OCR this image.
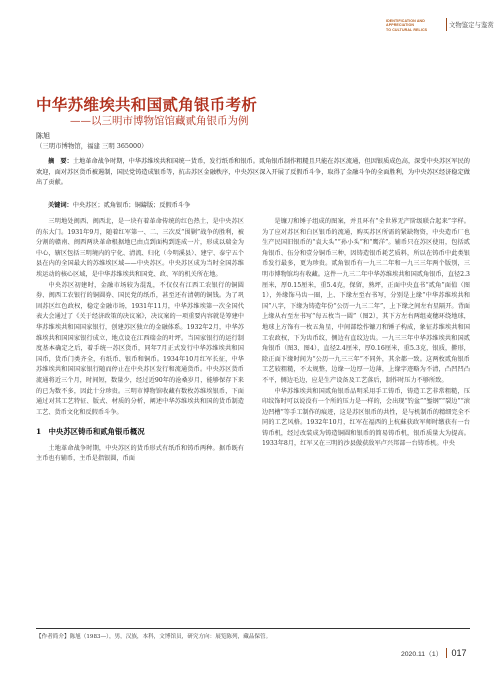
IDENTIFICATION AND APPRECIATION
TO CULTURAL RELICS
文物鉴定与鉴赏
中华苏维埃共和国贰角银币考析
——以三明市博物馆馆藏贰角银币为例
陈旭
（三明市博物馆，福建 三明 365000）
摘　要：土地革命战争时期，中华苏维埃共和国统一货币，发行纸币和银币。贰角银币制作粗糙且只能在苏区流通，但因银质成色高，深受中央苏区军民的欢迎，面对苏区货币被遏制，国民党铸造成银币等，抗击苏区金融秩序，中央苏区深入开展了反假币斗争，取得了金融斗争的全面胜利，为中央苏区经济稳定做出了贡献。
关键词：中央苏区；贰角银币；铜鑄版；反假币斗争

三明地处闽西、闽西北，是一块有着革命传统的红色热土，是中央苏区的东大门。1931年9月，随着红军第一、二、三次反“围剿”战争的胜利，被分割的赣南、闽西两块革命根据地已由点到面构到连成一片，形成以瑞金为中心，辖区包括三明境内的宁化、清流、归化（今明溪县）、建宁、泰宁五个县在内的全国最大的苏维埃区域——中央苏区。中央苏区成为当时全国苏维埃运动的核心区域，是中华苏维埃共和国党、政、军的机关所在地。

中央苏区初建时，金融市场较为混乱，不仅仅有江西工农银行的铜圆券、闽西工农银行的铜圆券、国民党的纸币，甚至还有清朝的铜钱。为了巩固苏区红色政权，稳定金融市场，1931年11月，中华苏维埃第一次全国代表大会通过了《关于经济政策的决议案》，决议案的一项重要内容就是筹建中华苏维埃共和国国家银行，创建苏区独立的金融体系。1932年2月，中华苏维埃共和国国家银行成立，地点设在江西瑞金的叶坪。当国家银行的运行制度基本确定之后，着手统一苏区货币，同年7月正式发行中华苏维埃共和国国币，货币门类齐全，有纸币、银币和铜币。1934年10月红军长征，中华苏维埃共和国国家银行随而停止在中央苏区发行和流通货币。中央苏区货币流通将近三个月，时间短，数量少，经过近90年的沧桑岁月，能够保存下来的已为数不多，因此十分珍贵。三明市博物馆收藏有数枚苏维埃银币，下面通过对其工艺特征、版式、材质的分析，阐述中华苏维埃共和国的货币制造工艺、货币文化和反假币斗争。

1　中央苏区铸币和贰角银币概况

土地革命战争时期，中央苏区的货币形式有纸币和铸币两种。据币既有主币也有辅币，主币是指银圆，币面

是镰刀和锤子组成的图案，并且环有“全世界无产阶级联合起来”字样。为了应对苏区和白区银币的流通，购买苏区所需的紧缺物资，中央造币厂也生产民国旧银币的“袁大头”“孙小头”和“鹰洋”。辅币只在苏区使用，包括贰角银币、伍分和壹分铜币三种，因铸造银币耗艺质料，所以在铸币中此类银币发行最多，更为珍贵。贰角银币有一九三二年和一九三三年两个版别，三明市博物馆均有收藏。这件一九三二年中华苏维埃共和国贰角银币，直径2.3厘米，厚0.15厘米，重5.4克，保留，熟坪，正面中央直书“贰角”面值（图1），外缘饰马齿一圈，上、下缘左至右书写，分别是上缘“中华苏维埃共和国”八字，下缘为铸造年份“公历一九三二年”，上下缘之间左右星隔开。背面上缘从右至左书写“每五枚当一圆”（图2），其下方左右两组麦穗环绕地球，地球上方饰有一枚五角星，中间部绘作镰刀和锤子构成，象征苏维埃共和国工农政权，下为齿币纹，侧边有直纹边齿。一九三三年中华苏维埃共和国贰角银币（图3、图4），直径2.4厘米，厚0.16厘米，重5.3克，银质，擀形，除正面下缘时间为“公历一九三三年”不同外，其余都一致。这两枚贰角银币工艺较粗糙，不太规整，边缘一边厚一边薄，上缘字迹略为不清，凸凹凹凸不平，侧边毛边，应是生产设备及工艺落后，制作时压力不够所致。

中华苏维埃共和国贰角银币品明采用手工铸币，铸造工艺非常粗糙，压印纹饰时可以说没有一个所的压力是一样的，会出现“钓盆”“錾钢”“裂边”“滚边凹槽”等手工制作的痕迹，这是苏区银币的共性，是与机制币的精细完全不同的工艺风格。1932年10月，红军在福西的上杭蘇获政军师时缴获有一台铸币机，经过改装成为铸造铜圆和银币的简易铸币机，银币质量大为提高。1933年8月，红军又在三明的沙县傲获敌军卢兴邦部一台铸币机。中央

【作者简介】陈旭（1983—），男，汉族，本科，文博馆员，研究方向：展览陈列，藏品保管。
2020.11（1） 017
